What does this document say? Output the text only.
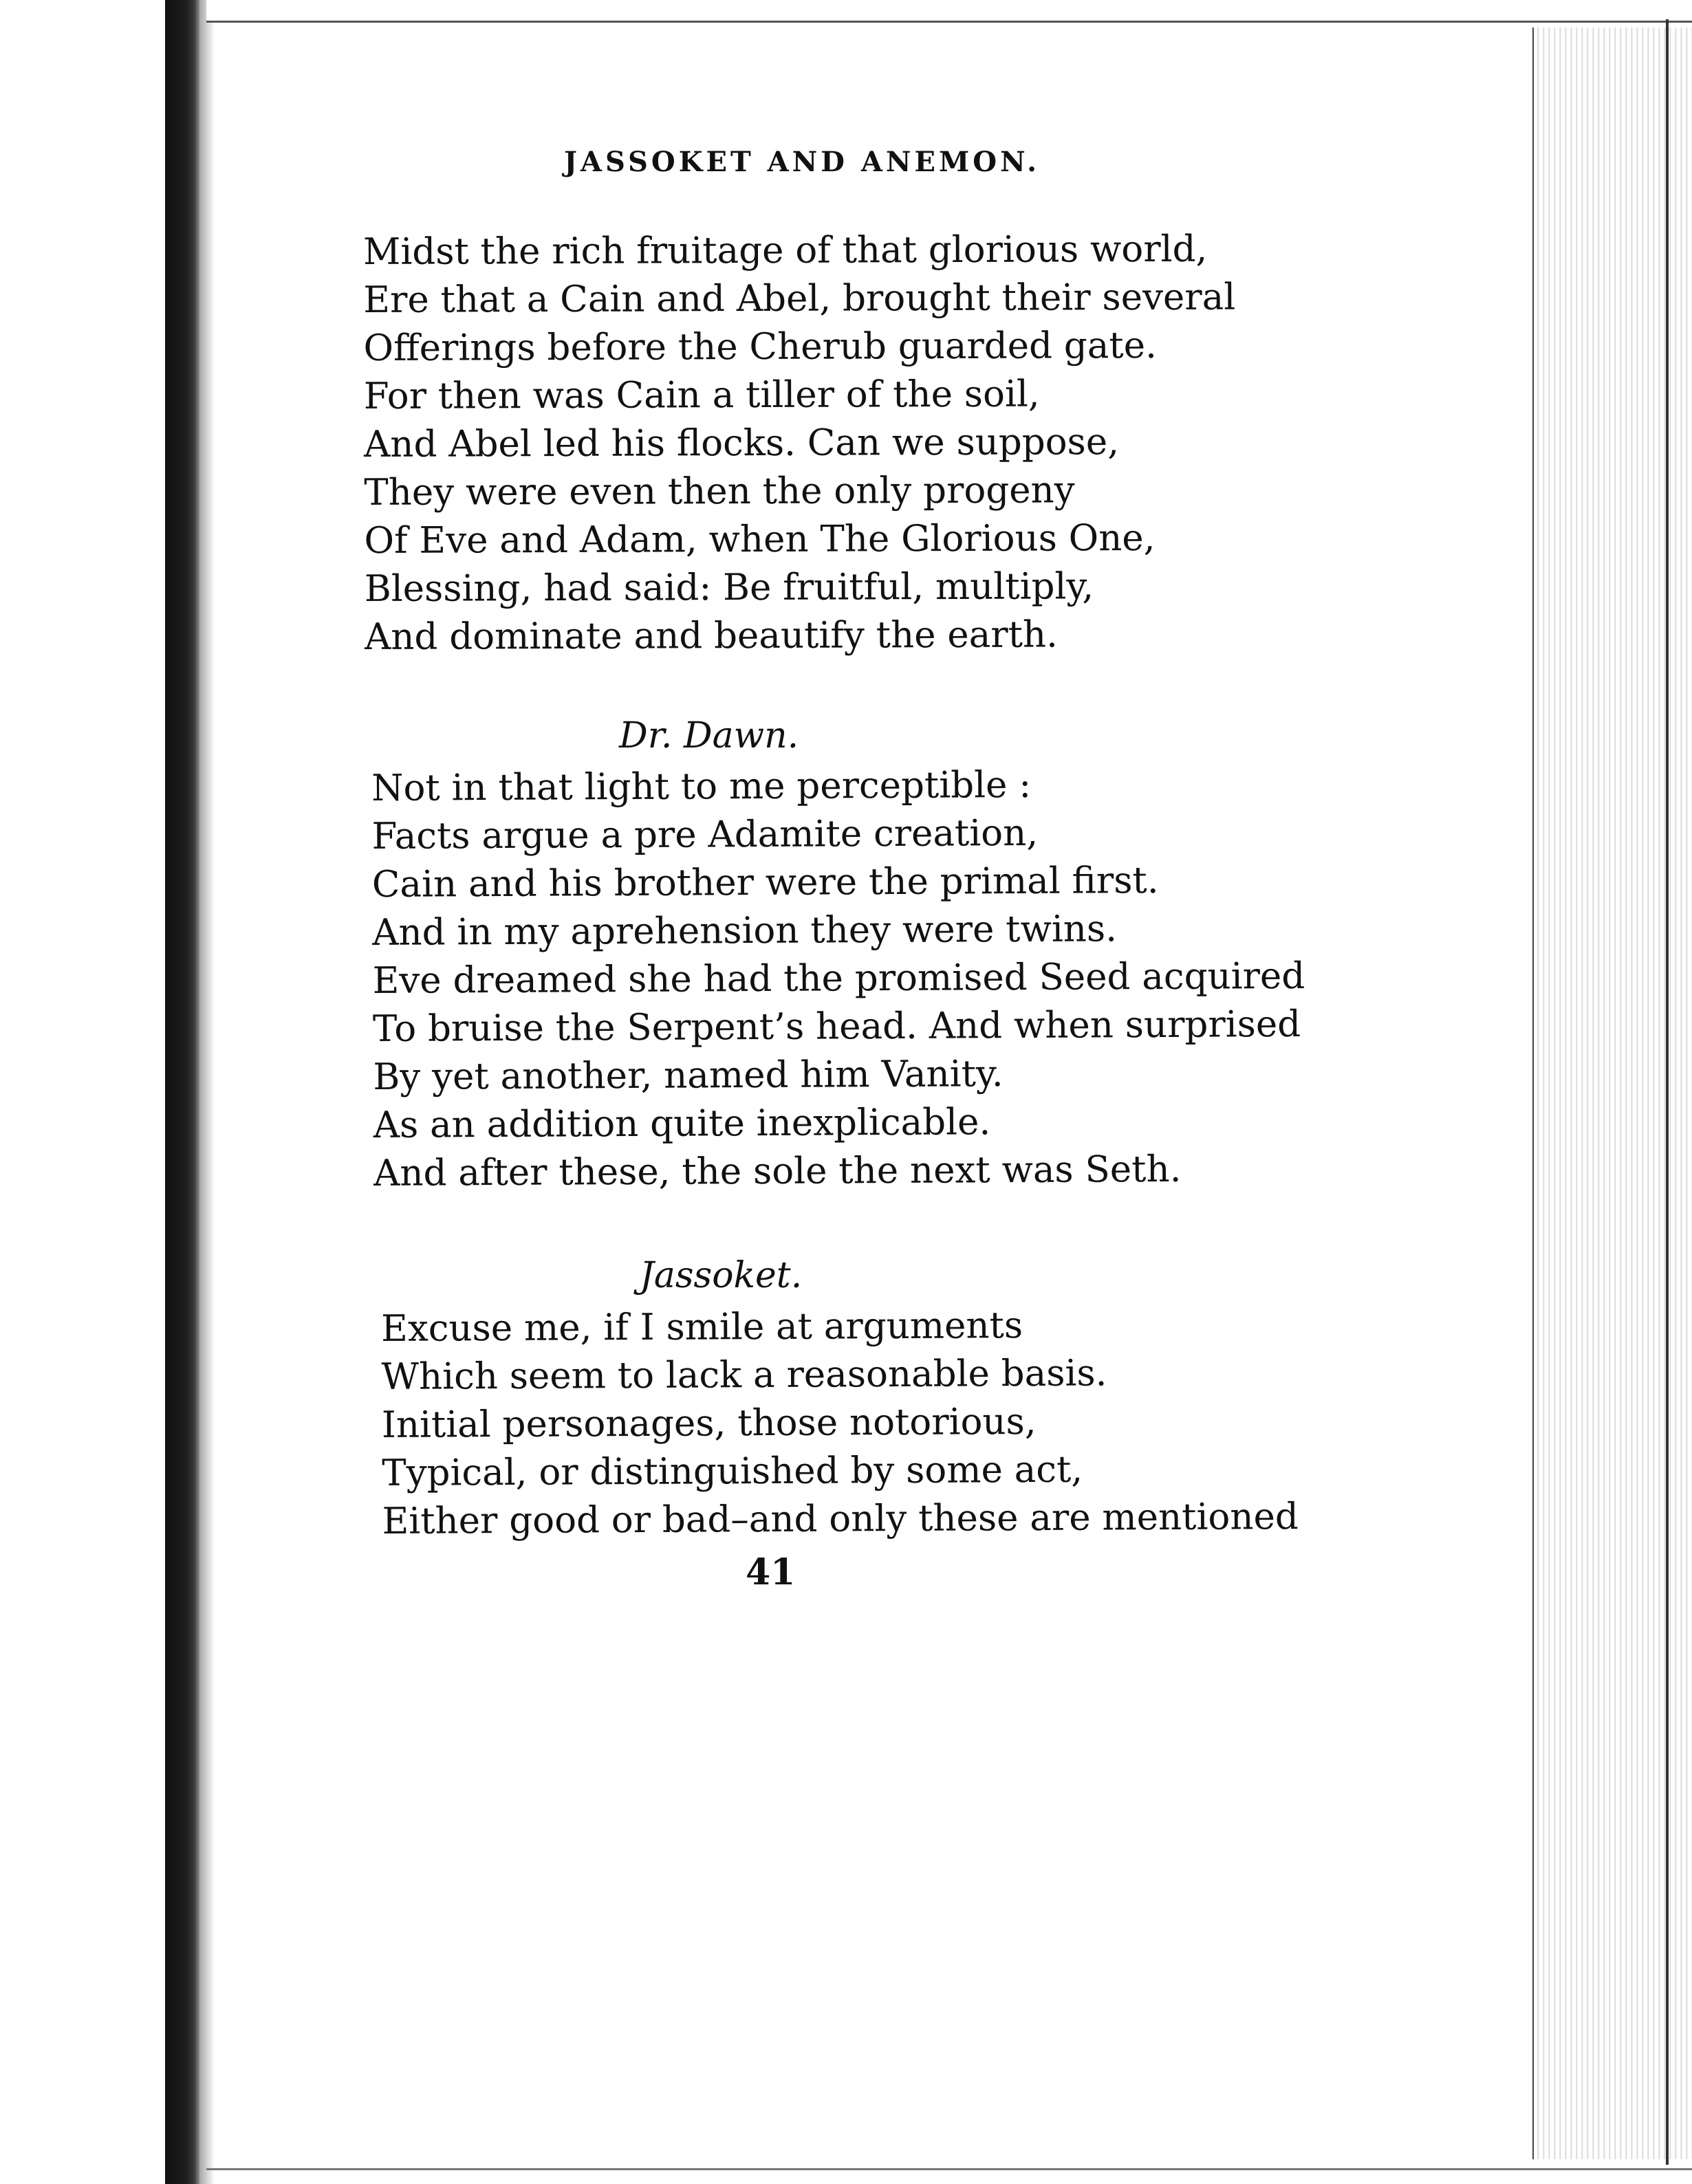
JASSOKET AND ANEMON.
Midst the rich fruitage of that glorious world,
Ere that a Cain and Abel, brought their several
Offerings before the Cherub guarded gate.
For then was Cain a tiller of the soil,
And Abel led his flocks. Can we suppose,
They were even then the only progeny
Of Eve and Adam, when The Glorious One,
Blessing, had said: Be fruitful, multiply,
And dominate and beautify the earth.
Dr. Dawn.
Not in that light to me perceptible :
Facts argue a pre Adamite creation,
Cain and his brother were the primal first.
And in my aprehension they were twins.
Eve dreamed she had the promised Seed acquired
To bruise the Serpent’s head. And when surprised
By yet another, named him Vanity.
As an addition quite inexplicable.
And after these, the sole the next was Seth.
Jassoket.
Excuse me, if I smile at arguments
Which seem to lack a reasonable basis.
Initial personages, those notorious,
Typical, or distinguished by some act,
Either good or bad–and only these are mentioned
41
